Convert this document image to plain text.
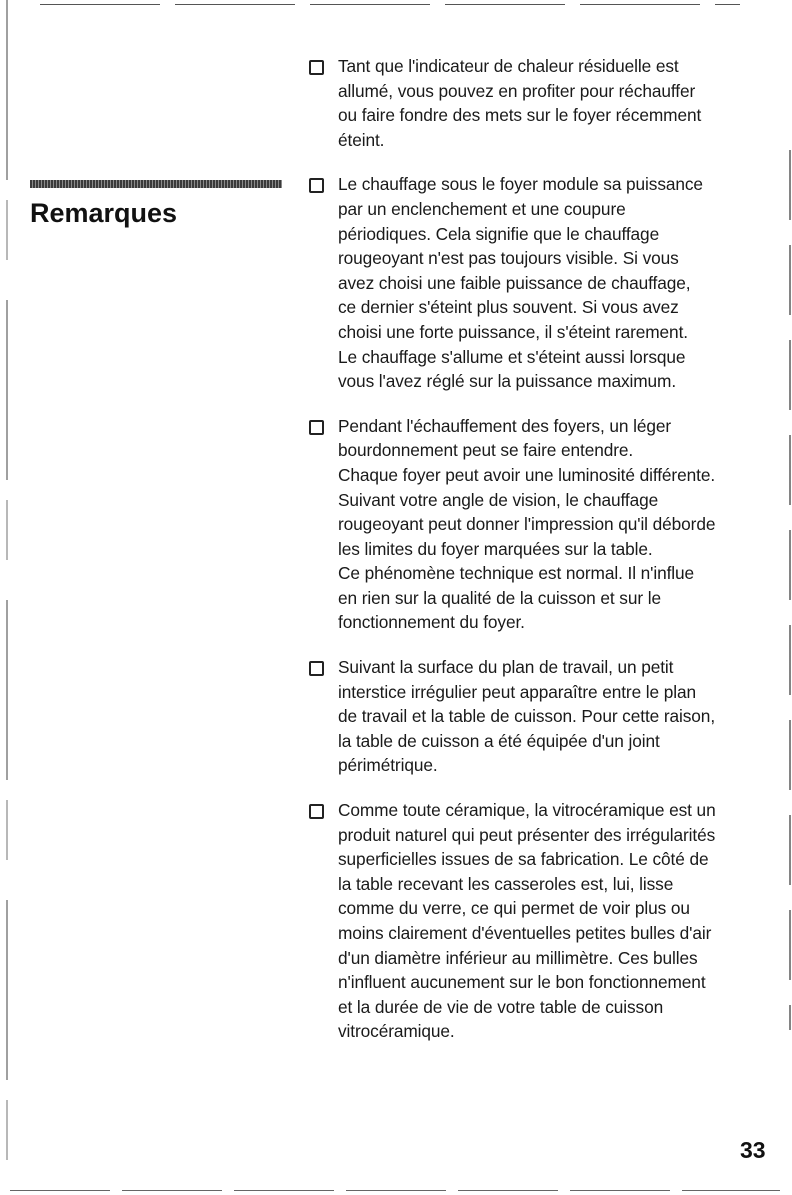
Remarques
Tant que l'indicateur de chaleur résiduelle est
allumé, vous pouvez en profiter pour réchauffer
ou faire fondre des mets sur le foyer récemment
éteint.
Le chauffage sous le foyer module sa puissance
par un enclenchement et une coupure
périodiques. Cela signifie que le chauffage
rougeoyant n'est pas toujours visible. Si vous
avez choisi une faible puissance de chauffage,
ce dernier s'éteint plus souvent. Si vous avez
choisi une forte puissance, il s'éteint rarement.
Le chauffage s'allume et s'éteint aussi lorsque
vous l'avez réglé sur la puissance maximum.
Pendant l'échauffement des foyers, un léger
bourdonnement peut se faire entendre.
Chaque foyer peut avoir une luminosité différente.
Suivant votre angle de vision, le chauffage
rougeoyant peut donner l'impression qu'il déborde
les limites du foyer marquées sur la table.
Ce phénomène technique est normal. Il n'influe
en rien sur la qualité de la cuisson et sur le
fonctionnement du foyer.
Suivant la surface du plan de travail, un petit
interstice irrégulier peut apparaître entre le plan
de travail et la table de cuisson. Pour cette raison,
la table de cuisson a été équipée d'un joint
périmétrique.
Comme toute céramique, la vitrocéramique est un
produit naturel qui peut présenter des irrégularités
superficielles issues de sa fabrication. Le côté de
la table recevant les casseroles est, lui, lisse
comme du verre, ce qui permet de voir plus ou
moins clairement d'éventuelles petites bulles d'air
d'un diamètre inférieur au millimètre. Ces bulles
n'influent aucunement sur le bon fonctionnement
et la durée de vie de votre table de cuisson
vitrocéramique.
33
